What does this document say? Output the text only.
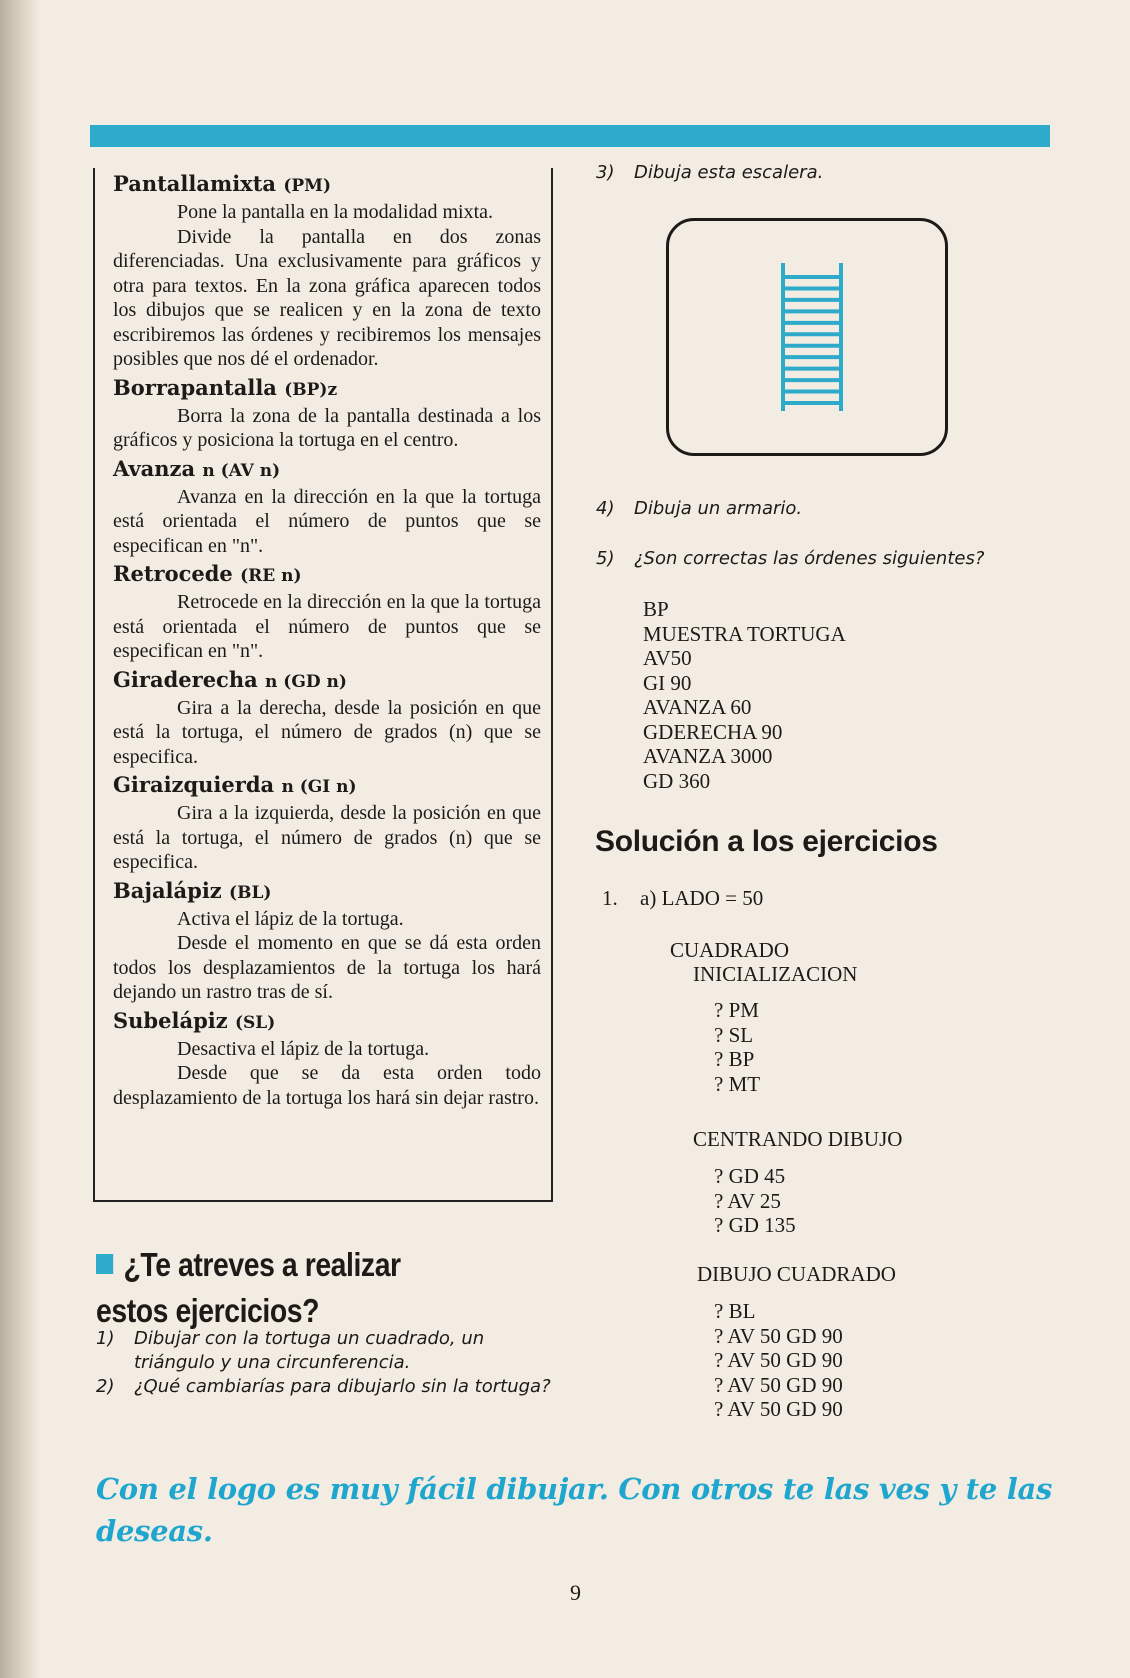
Pantallamixta (PM)

Pone la pantalla en la modalidad mixta.

Divide la pantalla en dos zonas diferenciadas. Una exclusivamente para gráficos y otra para textos. En la zona gráfica aparecen todos los dibujos que se realicen y en la zona de texto escribiremos las órdenes y recibiremos los mensajes posibles que nos dé el ordenador.

Borrapantalla (BP)z

Borra la zona de la pantalla destinada a los gráficos y posiciona la tortuga en el centro.

Avanza n (AV n)

Avanza en la dirección en la que la tortuga está orientada el número de puntos que se especifican en "n".

Retrocede (RE n)

Retrocede en la dirección en la que la tortuga está orientada el número de puntos que se especifican en "n".

Giraderecha n (GD n)

Gira a la derecha, desde la posición en que está la tortuga, el número de grados (n) que se especifica.

Giraizquierda n (GI n)

Gira a la izquierda, desde la posición en que está la tortuga, el número de grados (n) que se especifica.

Bajalápiz (BL)

Activa el lápiz de la tortuga.

Desde el momento en que se dá esta orden todos los desplazamientos de la tortuga los hará dejando un rastro tras de sí.

Subelápiz (SL)

Desactiva el lápiz de la tortuga.

Desde que se da esta orden todo desplazamiento de la tortuga los hará sin dejar rastro.

¿Te atreves a realizar
estos ejercicios?
1)	Dibujar con la tortuga un cuadrado, un triángulo y una circunferencia.
2)	¿Qué cambiarías para dibujarlo sin la tortuga?
3)	Dibuja esta escalera.
4)	Dibuja un armario.
5)	¿Son correctas las órdenes siguientes?
BP
MUESTRA TORTUGA
AV50
GI 90
AVANZA 60
GDERECHA 90
AVANZA 3000
GD 360
Solución a los ejercicios
1. a) LADO = 50
CUADRADO
INICIALIZACION
? PM
? SL
? BP
? MT
CENTRANDO DIBUJO
? GD 45
? AV 25
? GD 135
DIBUJO CUADRADO
? BL
? AV 50 GD 90
? AV 50 GD 90
? AV 50 GD 90
? AV 50 GD 90
Con el logo es muy fácil dibujar. Con otros te las ves y te las deseas.
9
